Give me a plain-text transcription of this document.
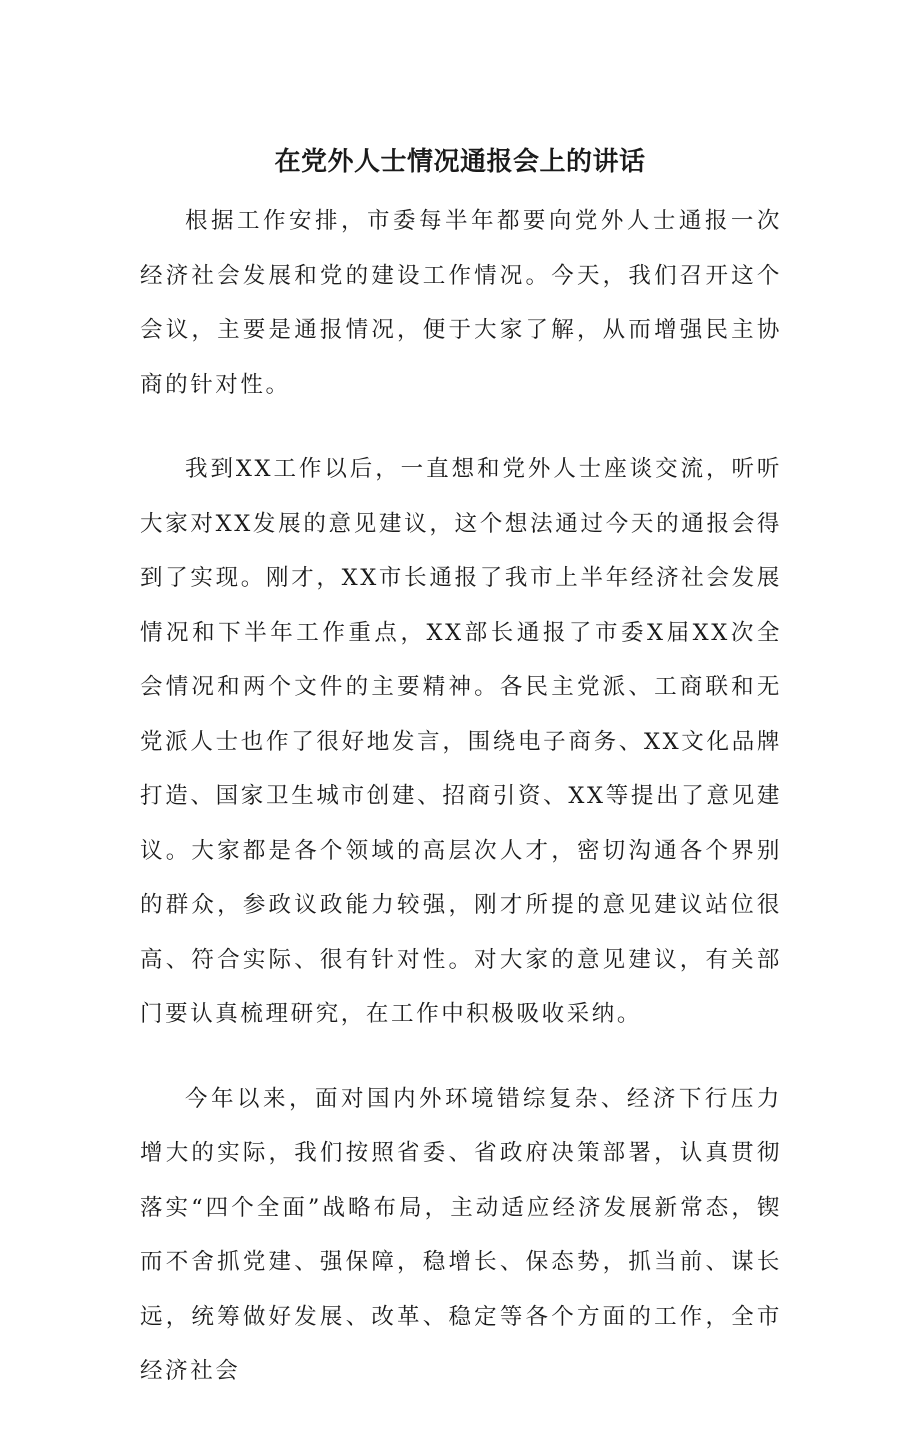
在党外人士情况通报会上的讲话

根据工作安排，市委每半年都要向党外人士通报一次经济社会发展和党的建设工作情况。今天，我们召开这个会议，主要是通报情况，便于大家了解，从而增强民主协商的针对性。

我到XX工作以后，一直想和党外人士座谈交流，听听大家对XX发展的意见建议，这个想法通过今天的通报会得到了实现。刚才，XX市长通报了我市上半年经济社会发展情况和下半年工作重点，XX部长通报了市委X届XX次全会情况和两个文件的主要精神。各民主党派、工商联和无党派人士也作了很好地发言，围绕电子商务、XX文化品牌打造、国家卫生城市创建、招商引资、XX等提出了意见建议。大家都是各个领域的高层次人才，密切沟通各个界别的群众，参政议政能力较强，刚才所提的意见建议站位很高、符合实际、很有针对性。对大家的意见建议，有关部门要认真梳理研究，在工作中积极吸收采纳。

今年以来，面对国内外环境错综复杂、经济下行压力增大的实际，我们按照省委、省政府决策部署，认真贯彻落实“四个全面”战略布局，主动适应经济发展新常态，锲而不舍抓党建、强保障，稳增长、保态势，抓当前、谋长远，统筹做好发展、改革、稳定等各个方面的工作，全市经济社会
